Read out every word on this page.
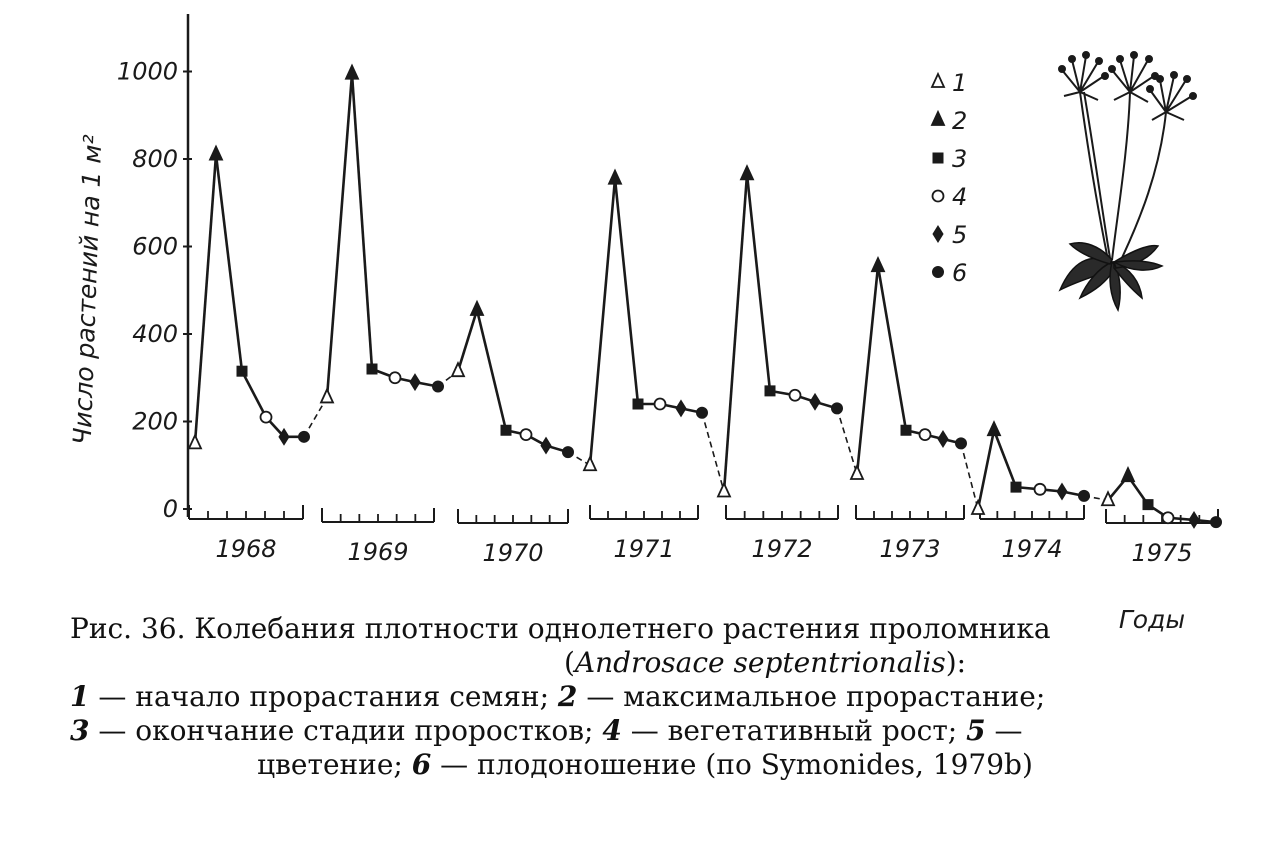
0
200
400
600
800
1000
Число растений на 1 м²
1968	1969	1970	1971	1972	1973	1974	1975
Годы
1
2
3
4
5
6
Рис. 36. Колебания плотности однолетнего растения проломника
(Androsace septentrionalis):
1 — начало прорастания семян; 2 — максимальное прорастание;
3 — окончание стадии проростков; 4 — вегетативный рост; 5 —
цветение; 6 — плодоношение (по Symonides, 1979b)
